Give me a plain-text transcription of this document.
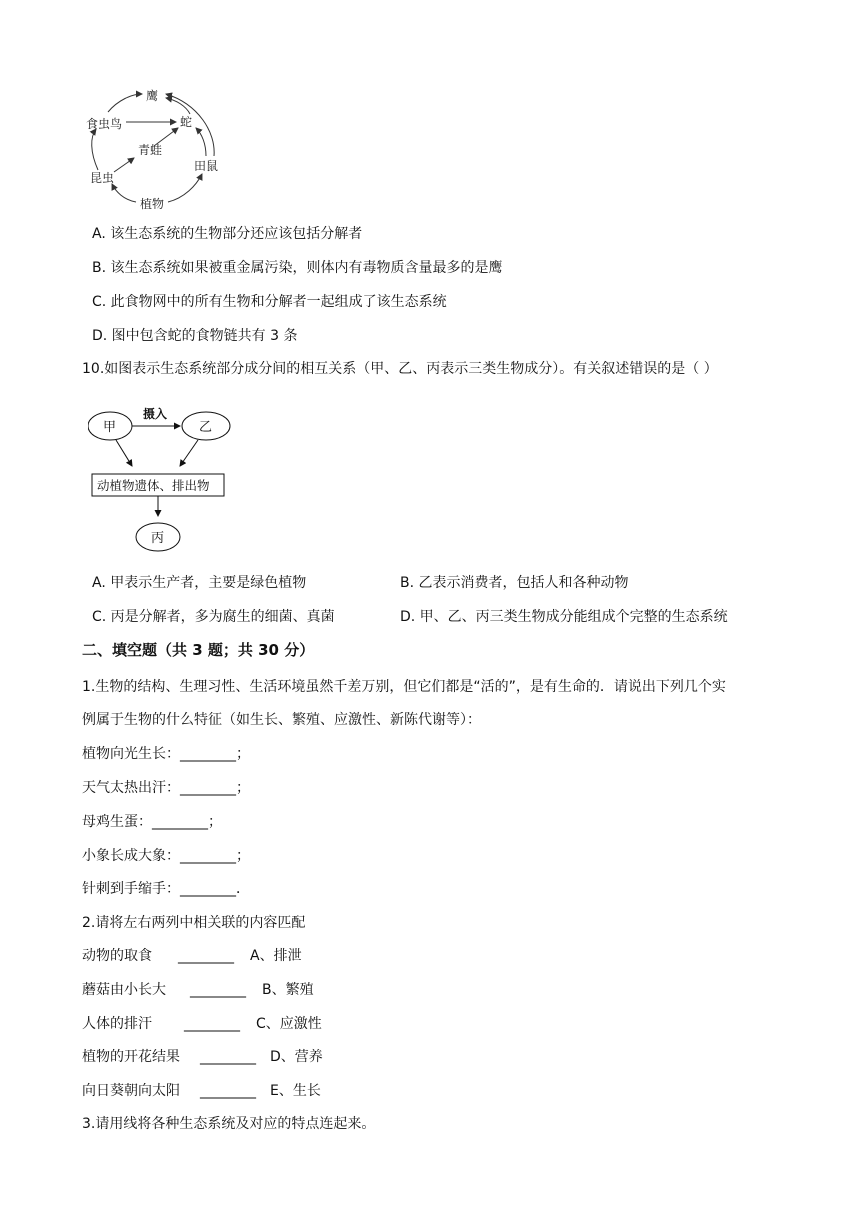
鹰
食虫鸟	蛇
青蛙
田鼠
昆虫
植物
A. 该生态系统的生物部分还应该包括分解者
B. 该生态系统如果被重金属污染，则体内有毒物质含量最多的是鹰
C. 此食物网中的所有生物和分解者一起组成了该生态系统
D. 图中包含蛇的食物链共有 3 条
10.如图表示生态系统部分成分间的相互关系（甲、乙、丙表示三类生物成分）。有关叙述错误的是（ ）
甲	乙
摄入
动植物遗体、排出物
丙
A. 甲表示生产者，主要是绿色植物	B. 乙表示消费者，包括人和各种动物
C. 丙是分解者，多为腐生的细菌、真菌	D. 甲、乙、丙三类生物成分能组成个完整的生态系统
二、填空题（共 3 题；共 30 分）
1.生物的结构、生理习性、生活环境虽然千差万别，但它们都是“活的”，是有生命的．请说出下列几个实
例属于生物的什么特征（如生长、繁殖、应激性、新陈代谢等）：
植物向光生长：________；
天气太热出汗：________；
母鸡生蛋：________；
小象长成大象：________；
针刺到手缩手：________．
2.请将左右两列中相关联的内容匹配
动物的取食 ________ A、排泄
蘑菇由小长大 ________ B、繁殖
人体的排汗 ________ C、应激性
植物的开花结果 ________ D、营养
向日葵朝向太阳 ________ E、生长
3.请用线将各种生态系统及对应的特点连起来。
